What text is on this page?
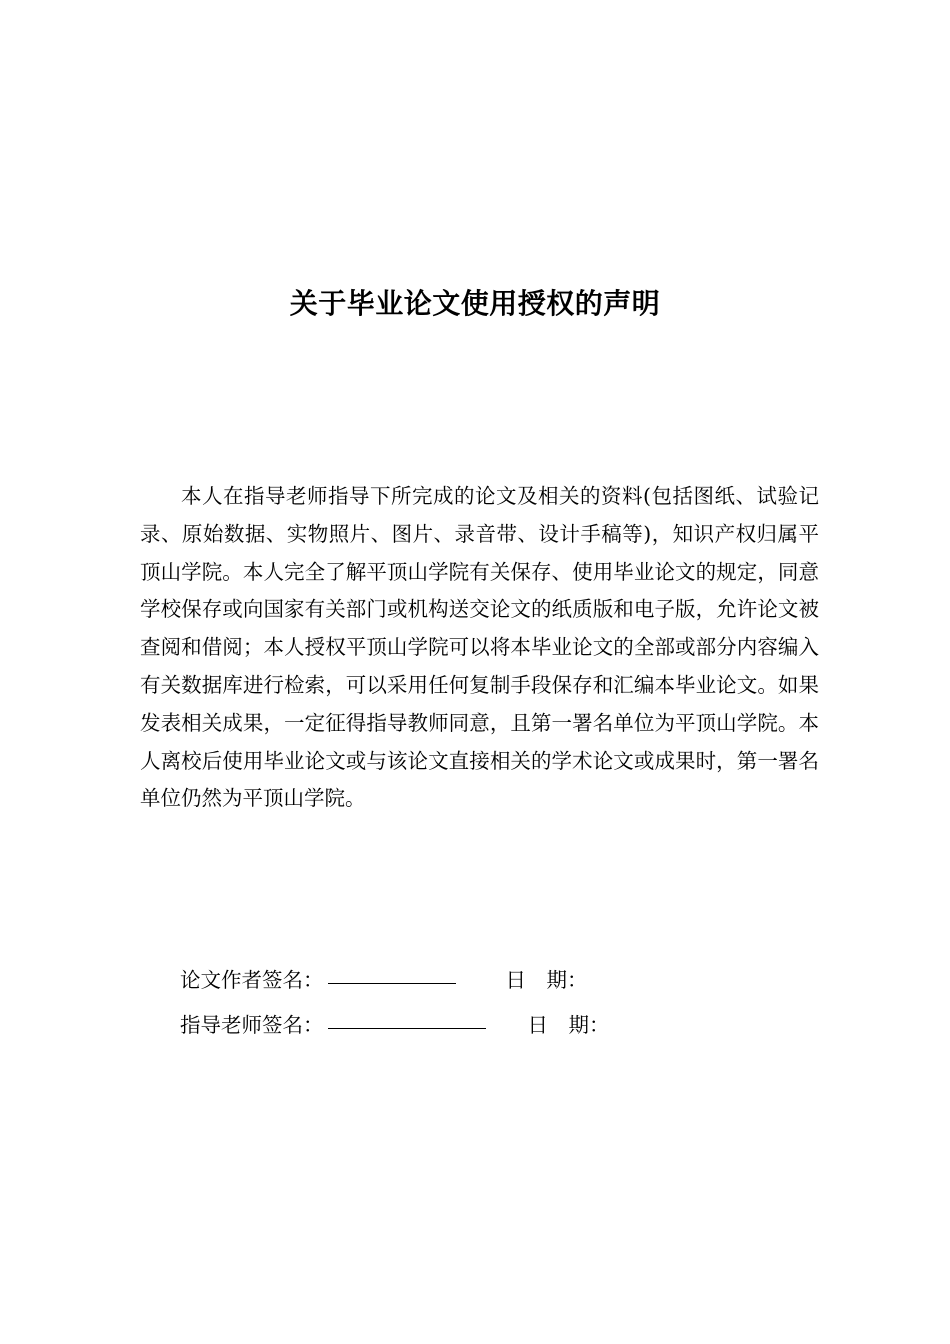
关于毕业论文使用授权的声明

本人在指导老师指导下所完成的论文及相关的资料(包括图纸、试验记录、原始数据、实物照片、图片、录音带、设计手稿等)，知识产权归属平顶山学院。本人完全了解平顶山学院有关保存、使用毕业论文的规定，同意学校保存或向国家有关部门或机构送交论文的纸质版和电子版，允许论文被查阅和借阅；本人授权平顶山学院可以将本毕业论文的全部或部分内容编入有关数据库进行检索，可以采用任何复制手段保存和汇编本毕业论文。如果发表相关成果，一定征得指导教师同意，且第一署名单位为平顶山学院。本人离校后使用毕业论文或与该论文直接相关的学术论文或成果时，第一署名单位仍然为平顶山学院。

论文作者签名：	日　期：
指导老师签名：	日　期：
